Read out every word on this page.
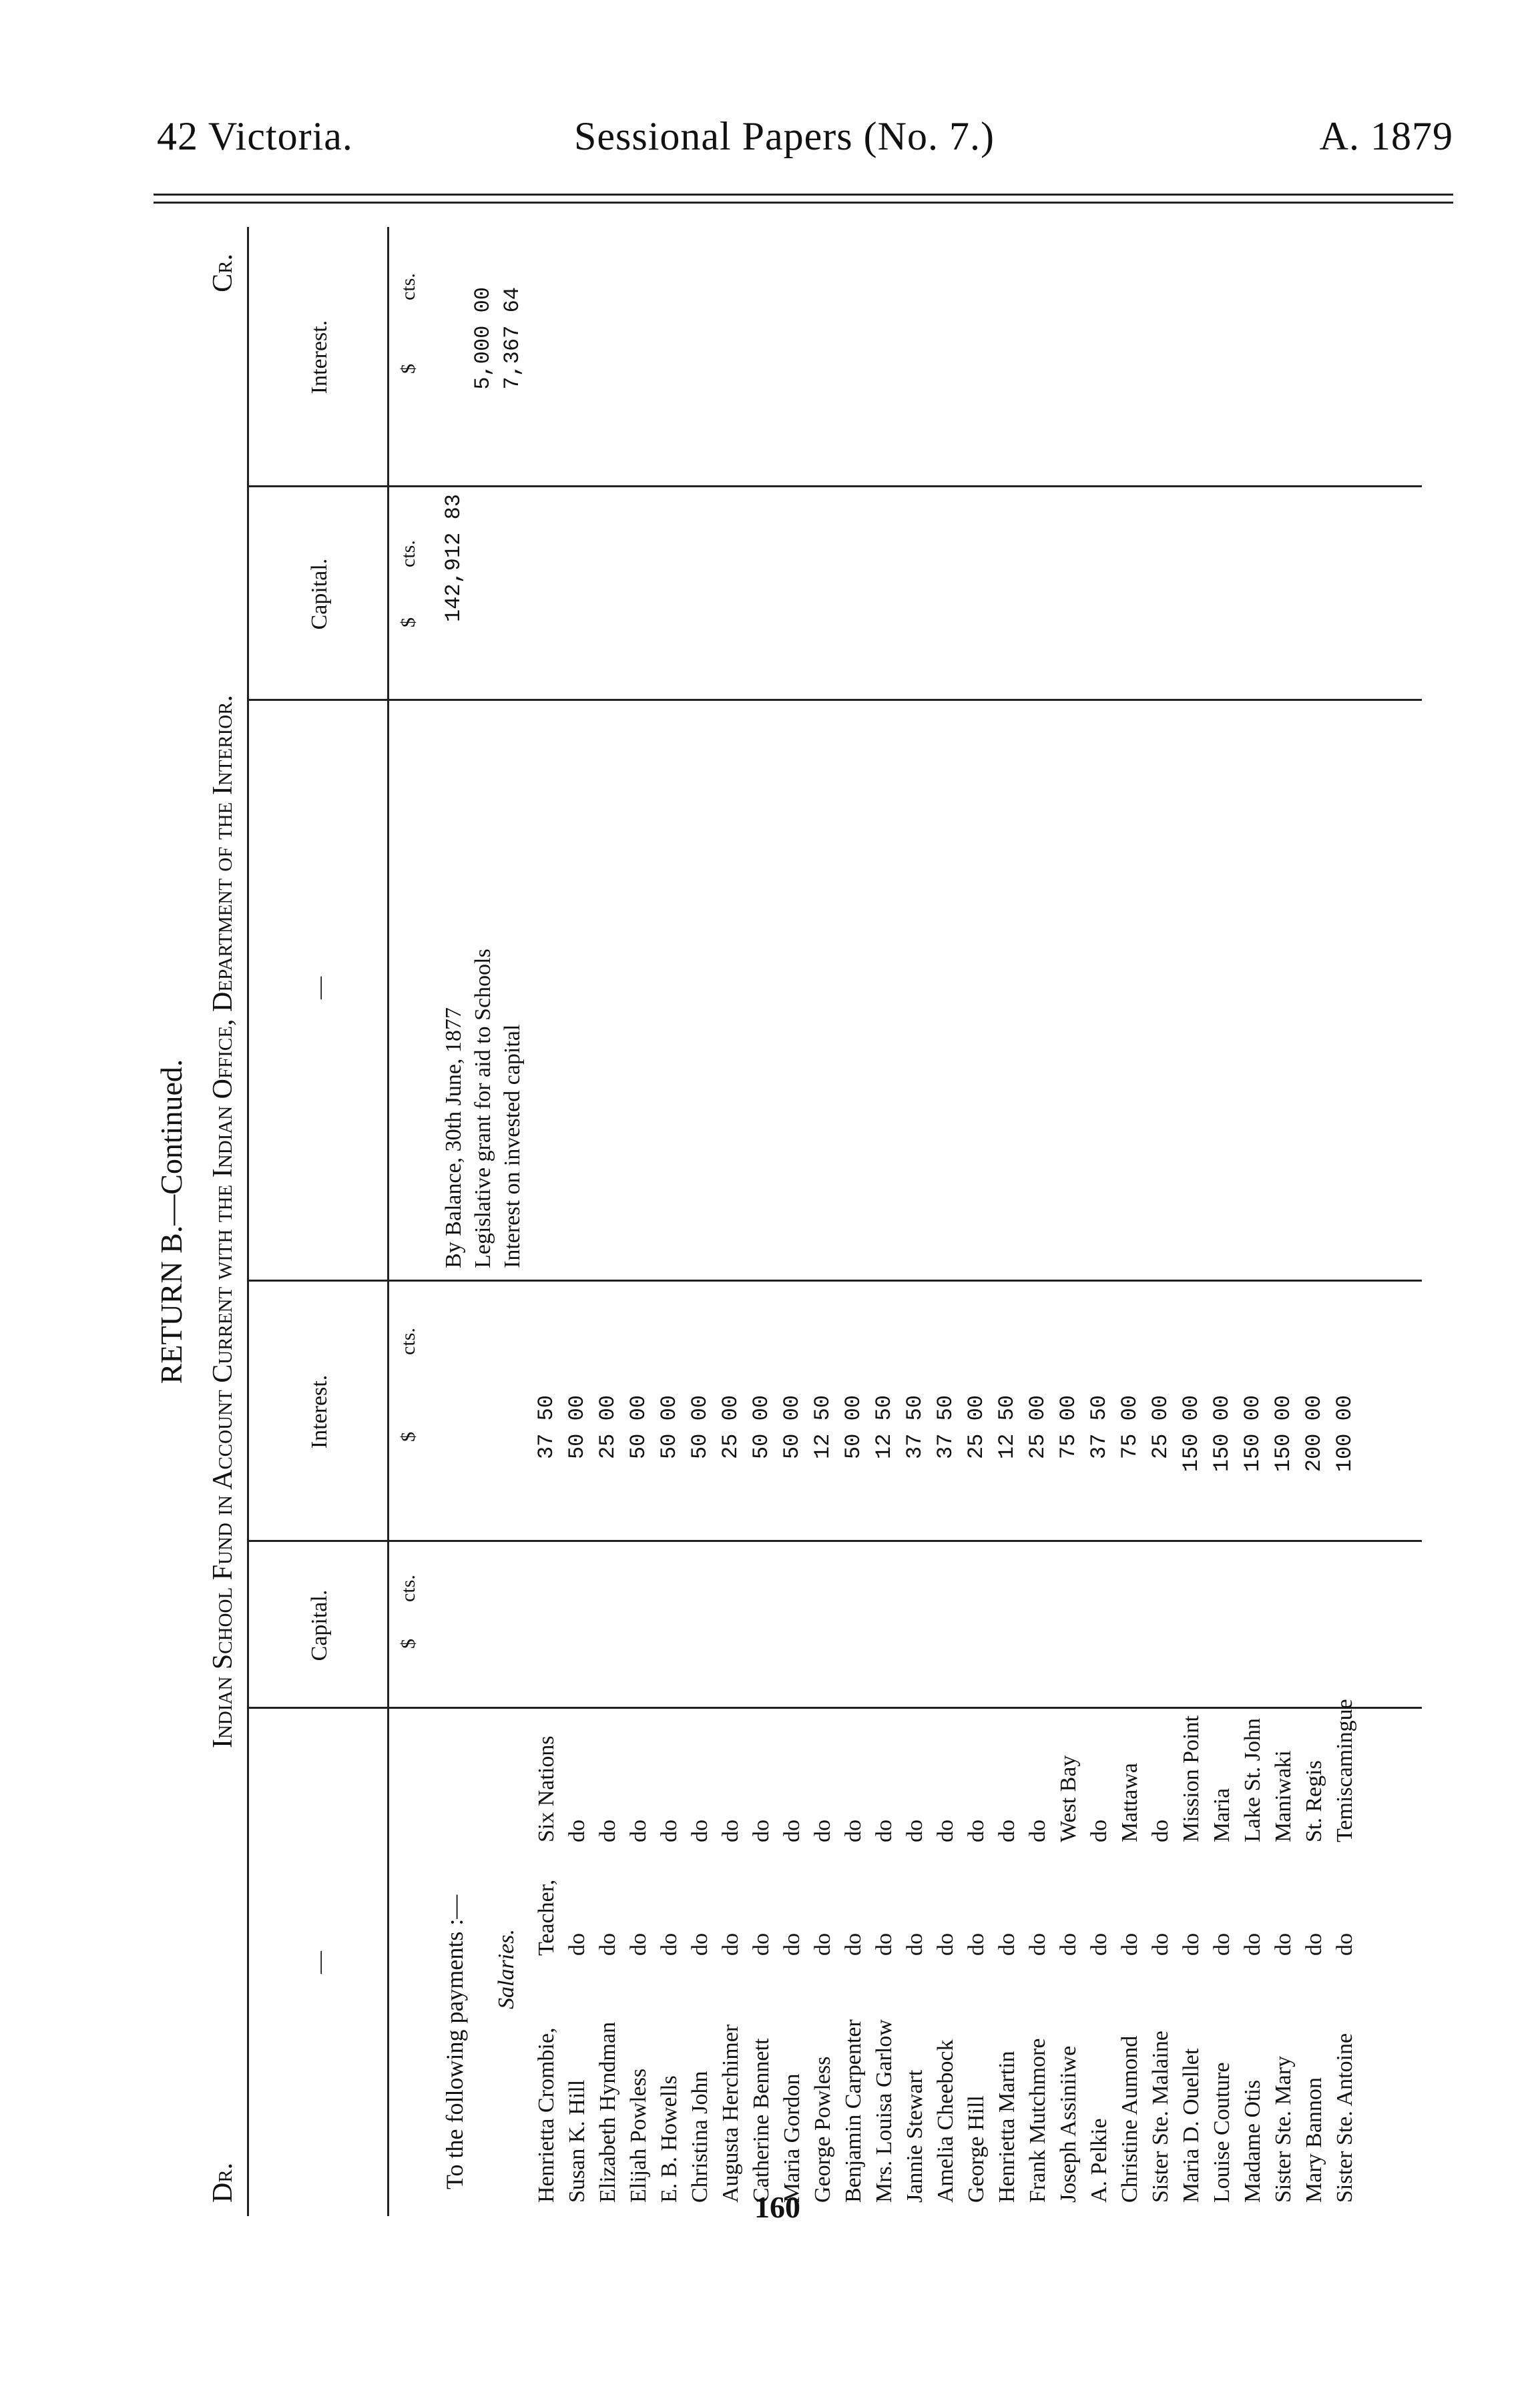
42 Victoria.	Sessional Papers (No. 7.)	A. 1879
RETURN B.—Continued. Indian School Fund in Account Current with the Indian Office, Department of the Interior.
Dr.
Cr.
—
Capital.
Interest.
—
Capital.
Interest.
$
cts.
$
cts.
$
cts.
$
cts.
To the following payments :— Salaries.
Henrietta Crombie,
Teacher,
Six Nations
37 50
Susan K. Hill
do
do
50 00
Elizabeth Hyndman
do
do
25 00
Elijah Powless
do
do
50 00
E. B. Howells
do
do
50 00
Christina John
do
do
50 00
Augusta Herchimer
do
do
25 00
Catherine Bennett
do
do
50 00
Maria Gordon
do
do
50 00
George Powless
do
do
12 50
Benjamin Carpenter
do
do
50 00
Mrs. Louisa Garlow
do
do
12 50
Jannie Stewart
do
do
37 50
Amelia Cheebock
do
do
37 50
George Hill
do
do
25 00
Henrietta Martin
do
do
12 50
Frank Mutchmore
do
do
25 00
Joseph Assiniiwe
do
West Bay
75 00
A. Pelkie
do
do
37 50
Christine Aumond
do
Mattawa
75 00
Sister Ste. Malaine
do
do
25 00
Maria D. Ouellet
do
Mission Point
150 00
Louise Couture
do
Maria
150 00
Madame Otis
do
Lake St. John
150 00
Sister Ste. Mary
do
Maniwaki
150 00
Mary Bannon
do
St. Regis
200 00
Sister Ste. Antoine
do
Temiscamingue
100 00
By Balance, 30th June, 1877
142,912 83
Legislative grant for aid to Schools
5,000 00
Interest on invested capital
7,367 64
160
